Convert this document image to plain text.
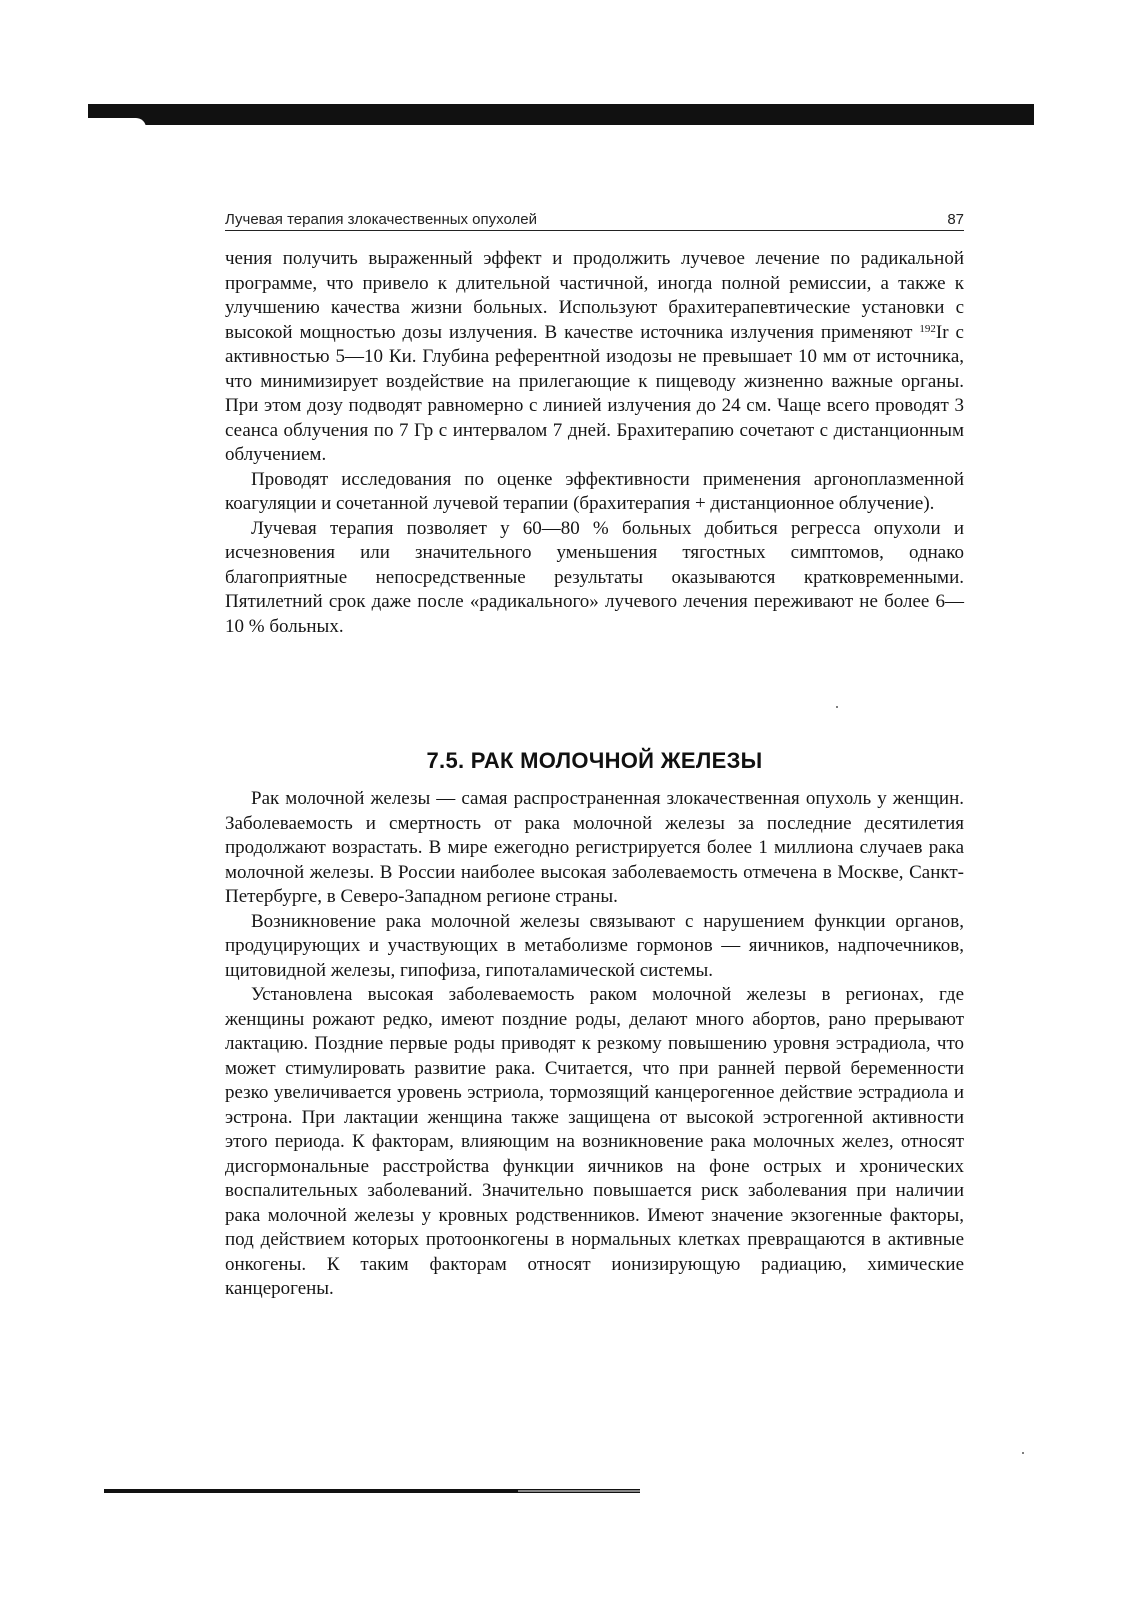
Лучевая терапия злокачественных опухолей	87

чения получить выраженный эффект и продолжить лучевое лечение по радикальной программе, что привело к длительной частичной, иногда полной ремиссии, а также к улучшению качества жизни больных. Используют брахитерапевтические установки с высокой мощностью дозы излучения. В качестве источника излучения применяют $^{192}$Ir с активностью 5—10 Ки. Глубина референтной изодозы не превышает 10 мм от источника, что минимизирует воздействие на прилегающие к пищеводу жизненно важные органы. При этом дозу подводят равномерно с линией излучения до 24 см. Чаще всего проводят 3 сеанса облучения по 7 Гр с интервалом 7 дней. Брахитерапию сочетают с дистанционным облучением.

Проводят исследования по оценке эффективности применения аргоноплазменной коагуляции и сочетанной лучевой терапии (брахитерапия + дистанционное облучение).

Лучевая терапия позволяет у 60—80 % больных добиться регресса опухоли и исчезновения или значительного уменьшения тягостных симптомов, однако благоприятные непосредственные результаты оказываются кратковременными. Пятилетний срок даже после «радикального» лучевого лечения переживают не более 6—10 % больных.

7.5. РАК МОЛОЧНОЙ ЖЕЛЕЗЫ

Рак молочной железы — самая распространенная злокачественная опухоль у женщин. Заболеваемость и смертность от рака молочной железы за последние десятилетия продолжают возрастать. В мире ежегодно регистрируется более 1 миллиона случаев рака молочной железы. В России наиболее высокая заболеваемость отмечена в Москве, Санкт-Петербурге, в Северо-Западном регионе страны.

Возникновение рака молочной железы связывают с нарушением функции органов, продуцирующих и участвующих в метаболизме гормонов — яичников, надпочечников, щитовидной железы, гипофиза, гипоталамической системы.

Установлена высокая заболеваемость раком молочной железы в регионах, где женщины рожают редко, имеют поздние роды, делают много абортов, рано прерывают лактацию. Поздние первые роды приводят к резкому повышению уровня эстрадиола, что может стимулировать развитие рака. Считается, что при ранней первой беременности резко увеличивается уровень эстриола, тормозящий канцерогенное действие эстрадиола и эстрона. При лактации женщина также защищена от высокой эстрогенной активности этого периода. К факторам, влияющим на возникновение рака молочных желез, относят дисгормональные расстройства функции яичников на фоне острых и хронических воспалительных заболеваний. Значительно повышается риск заболевания при наличии рака молочной железы у кровных родственников. Имеют значение экзогенные факторы, под действием которых протоонкогены в нормальных клетках превращаются в активные онкогены. К таким факторам относят ионизирующую радиацию, химические канцерогены.
